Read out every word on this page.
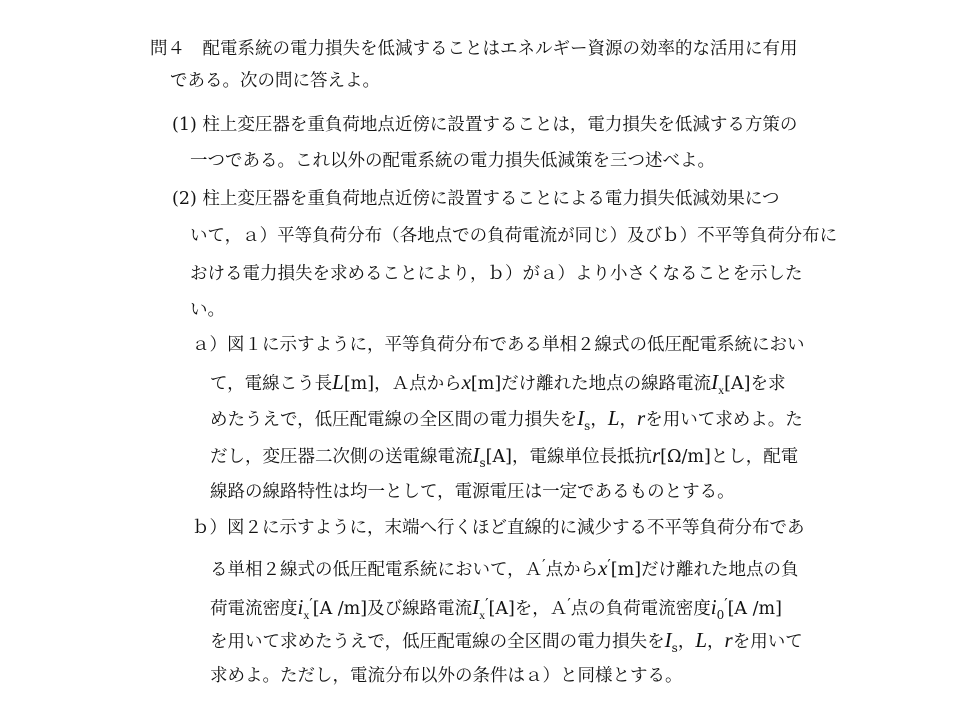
問４　 配電系統の電力損失を低減することはエネルギー資源の効率的な活用に有用
である。次の問に答えよ。
(1) 柱上変圧器を重負荷地点近傍に設置することは，電力損失を低減する方策の
一つである。これ以外の配電系統の電力損失低減策を三つ述べよ。
(2) 柱上変圧器を重負荷地点近傍に設置することによる電力損失低減効果につ
いて，ａ）平等負荷分布（各地点での負荷電流が同じ）及びｂ）不平等負荷分布に
おける電力損失を求めることにより，ｂ）がａ）より小さくなることを示した
い。
ａ）図１に示すように，平等負荷分布である単相２線式の低圧配電系統におい
て，電線こう長L[m]，Ａ点からx[m]だけ離れた地点の線路電流$I_x[A]$を求
めたうえで，低圧配電線の全区間の電力損失を$I_s$，L，rを用いて求めよ。た
だし，変圧器二次側の送電線電流$I_s[A]$，電線単位長抵抗r[Ω/m]とし，配電
線路の線路特性は均一として，電源電圧は一定であるものとする。
ｂ）図２に示すように，末端へ行くほど直線的に減少する不平等負荷分布であ
る単相２線式の低圧配電系統において，Ａ′点からx′[m]だけ離れた地点の負
荷電流密度$i_x'[A$ /m]及び線路電流$I_x'[A]$を，Ａ′点の負荷電流密度$i_0'[A$ /m]
を用いて求めたうえで，低圧配電線の全区間の電力損失を$I_s$，L，rを用いて
求めよ。ただし，電流分布以外の条件はａ）と同様とする。
